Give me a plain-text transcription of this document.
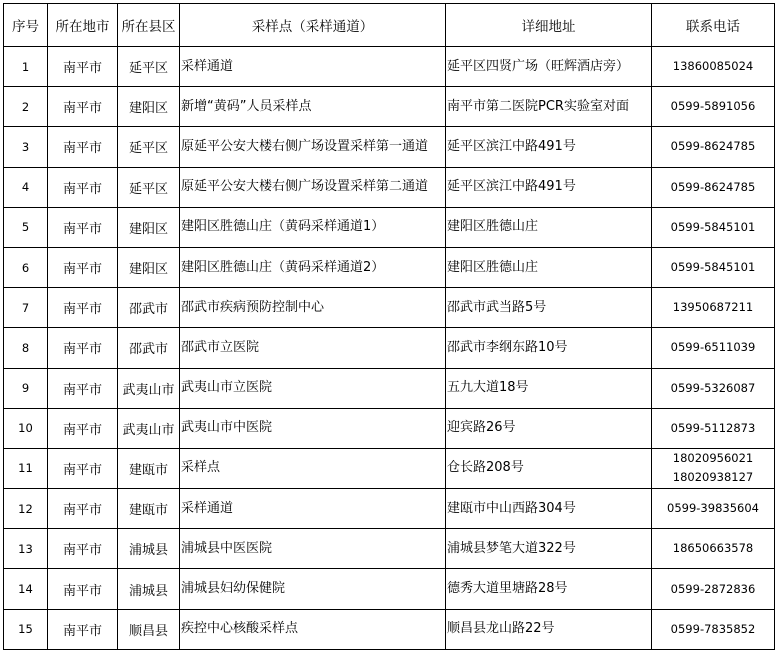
序号	所在地市	所在县区	采样点（采样通道）	详细地址	联系电话
1	南平市	延平区	采样通道	延平区四贤广场（旺辉酒店旁）	13860085024

2	南平市	建阳区	新增“黄码”人员采样点	南平市第二医院PCR实验室对面	0599-5891056

3	南平市	延平区	原延平公安大楼右侧广场设置采样第一通道	延平区滨江中路491号	0599-8624785

4	南平市	延平区	原延平公安大楼右侧广场设置采样第二通道	延平区滨江中路491号	0599-8624785

5	南平市	建阳区	建阳区胜德山庄（黄码采样通道1）	建阳区胜德山庄	0599-5845101

6	南平市	建阳区	建阳区胜德山庄（黄码采样通道2）	建阳区胜德山庄	0599-5845101

7	南平市	邵武市	邵武市疾病预防控制中心	邵武市武当路5号	13950687211

8	南平市	邵武市	邵武市立医院	邵武市李纲东路10号	0599-6511039

9	南平市	武夷山市	武夷山市立医院	五九大道18号	0599-5326087

10	南平市	武夷山市	武夷山市中医院	迎宾路26号	0599-5112873

11	南平市	建瓯市	采样点	仓长路208号	18020956021
18020938127

12	南平市	建瓯市	采样通道	建瓯市中山西路304号	0599-39835604

13	南平市	浦城县	浦城县中医医院	浦城县梦笔大道322号	18650663578

14	南平市	浦城县	浦城县妇幼保健院	德秀大道里塘路28号	0599-2872836

15	南平市	顺昌县	疾控中心核酸采样点	顺昌县龙山路22号	0599-7835852
